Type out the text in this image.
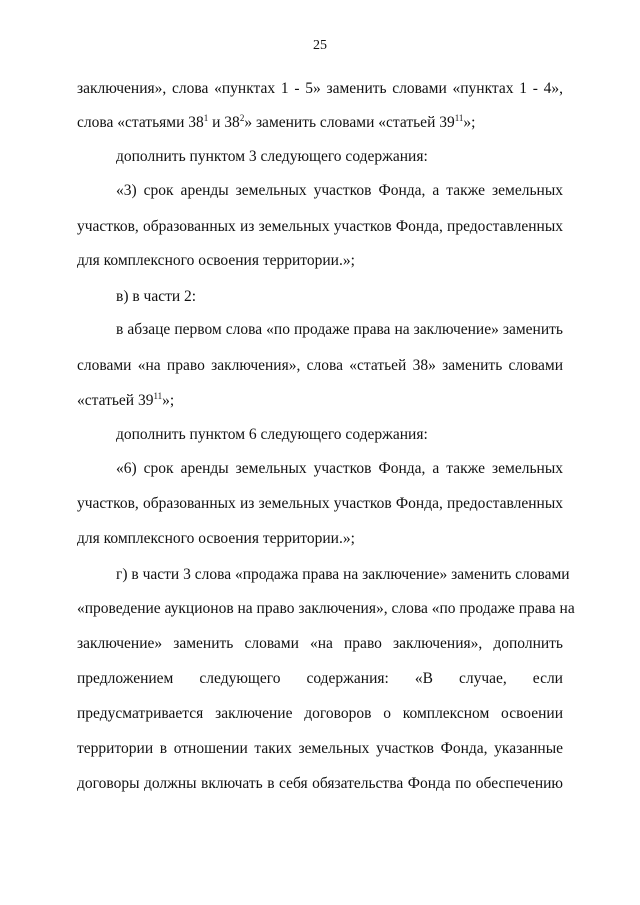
25
заключения», слова «пунктах 1 - 5» заменить словами «пунктах 1 - 4»,
слова «статьями $38^1$ и $38^2$» заменить словами «статьей $39^{11}$»;
дополнить пунктом 3 следующего содержания:
«3) срок аренды земельных участков Фонда, а также земельных
участков, образованных из земельных участков Фонда, предоставленных
для комплексного освоения территории.»;
в) в части 2:
в абзаце первом слова «по продаже права на заключение» заменить
словами «на право заключения», слова «статьей 38» заменить словами
«статьей $39^{11}$»;
дополнить пунктом 6 следующего содержания:
«6) срок аренды земельных участков Фонда, а также земельных
участков, образованных из земельных участков Фонда, предоставленных
для комплексного освоения территории.»;
г) в части 3 слова «продажа права на заключение» заменить словами
«проведение аукционов на право заключения», слова «по продаже права на
заключение» заменить словами «на право заключения», дополнить
предложением следующего содержания: «В случае, если
предусматривается заключение договоров о комплексном освоении
территории в отношении таких земельных участков Фонда, указанные
договоры должны включать в себя обязательства Фонда по обеспечению
